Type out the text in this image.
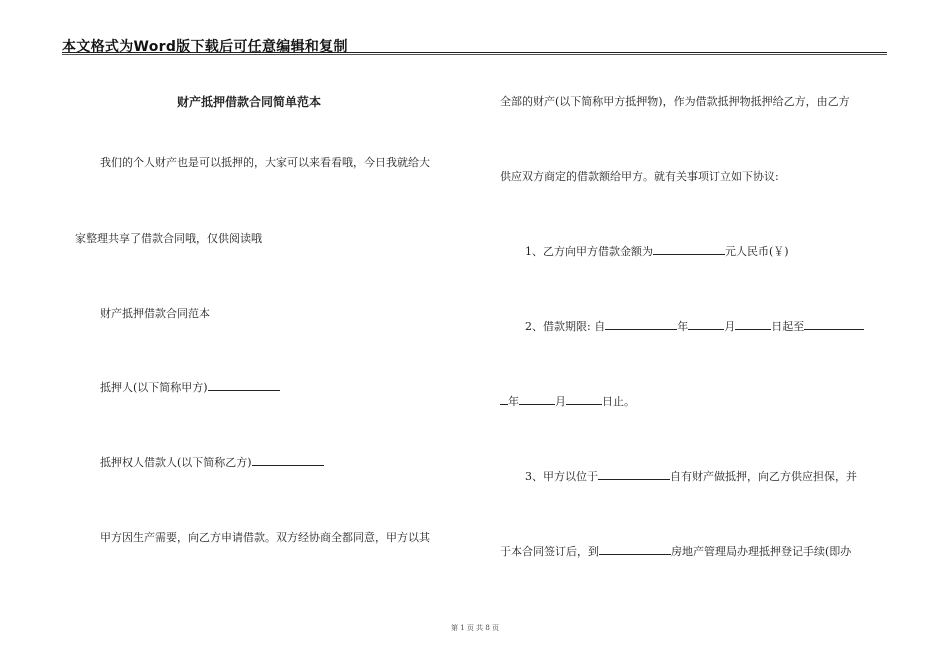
本文格式为Word版下载后可任意编辑和复制
财产抵押借款合同简单范本
我们的个人财产也是可以抵押的，大家可以来看看哦，今日我就给大
家整理共享了借款合同哦，仅供阅读哦
财产抵押借款合同范本
抵押人(以下简称甲方)
抵押权人借款人(以下简称乙方)
甲方因生产需要，向乙方申请借款。双方经协商全都同意，甲方以其
全部的财产(以下简称甲方抵押物)，作为借款抵押物抵押给乙方，由乙方
供应双方商定的借款额给甲方。就有关事项订立如下协议:
1、乙方向甲方借款金额为	元人民币(￥)
2、借款期限: 自	年	月	日起至
年	月	日止。
3、甲方以位于	自有财产做抵押，向乙方供应担保，并
于本合同签订后，到	房地产管理局办理抵押登记手续(即办
第 1 页 共 8 页
